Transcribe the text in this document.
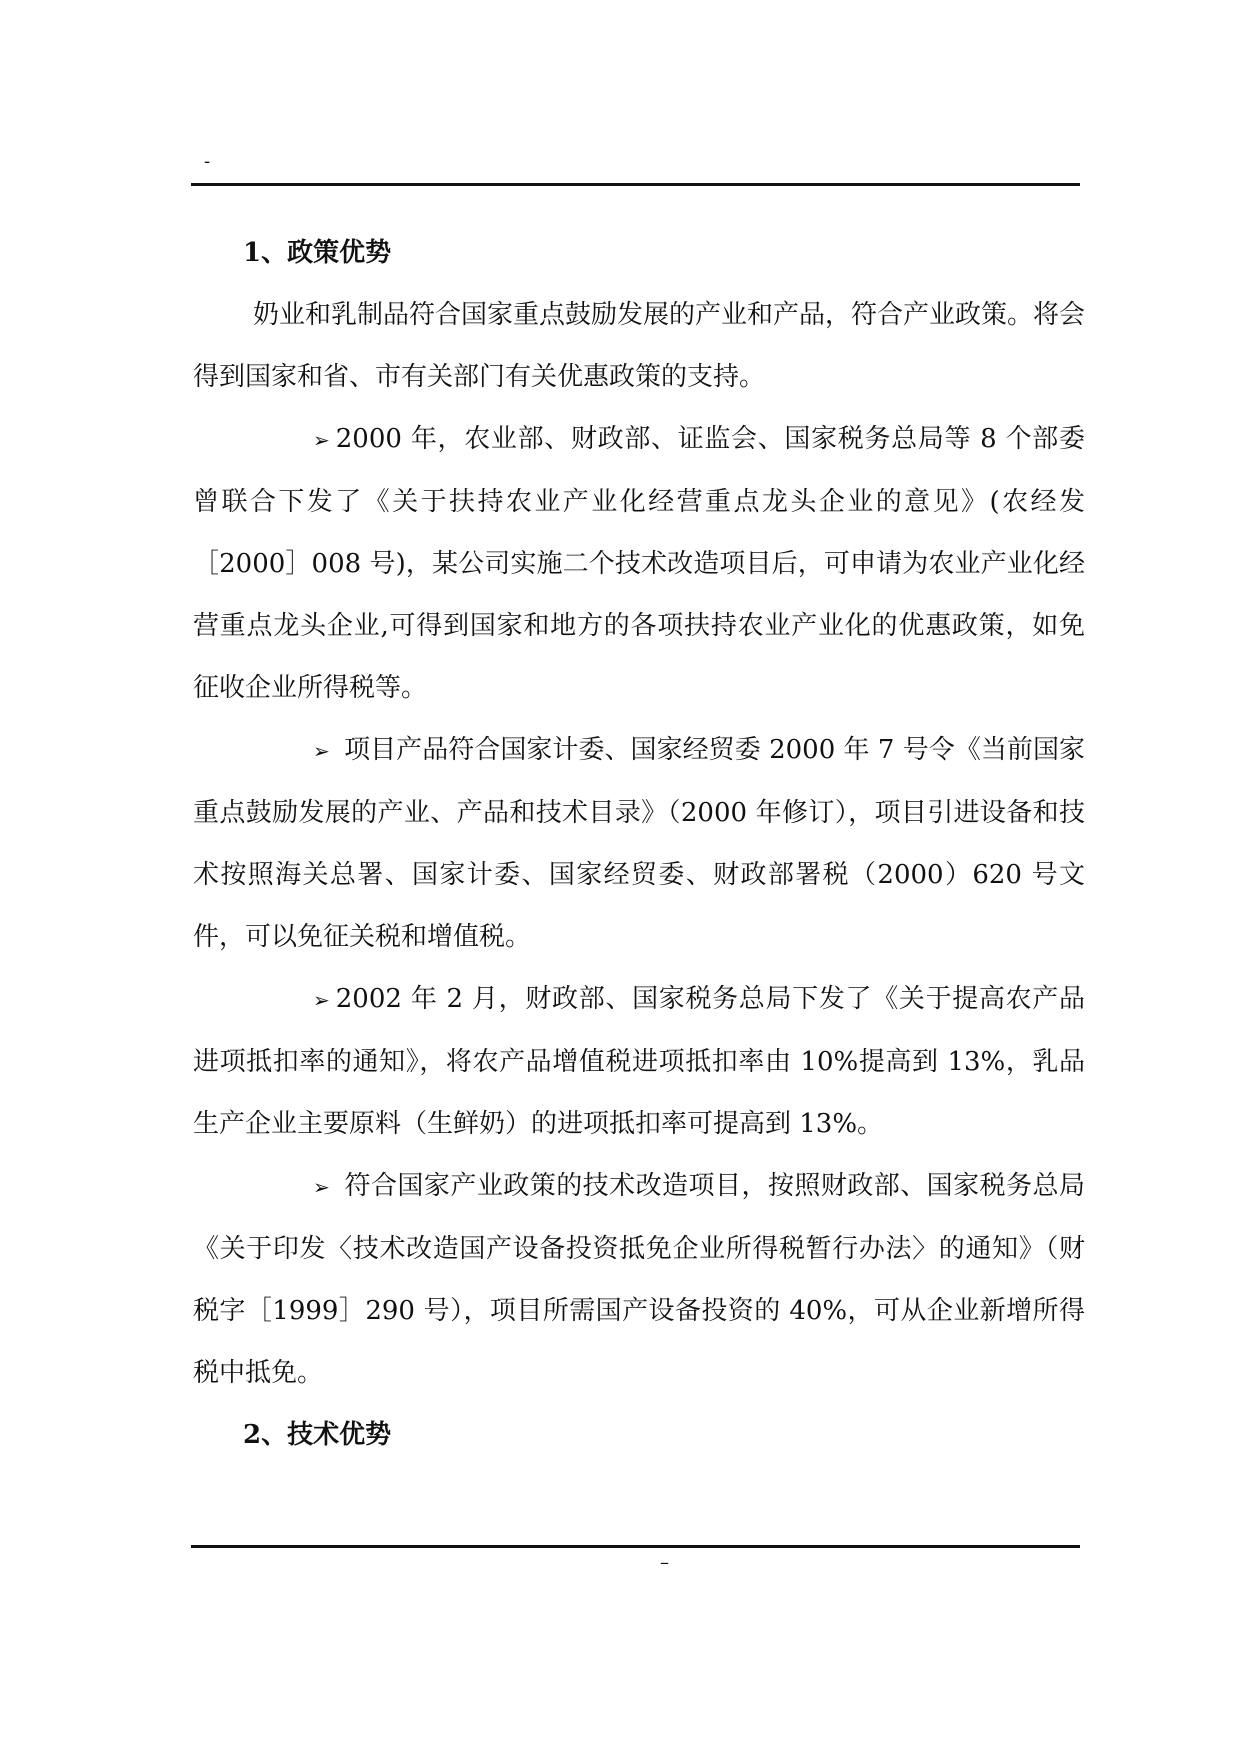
-

1、政策优势

奶业和乳制品符合国家重点鼓励发展的产业和产品，符合产业政策。将会得到国家和省、市有关部门有关优惠政策的支持。

➢ 2000 年，农业部、财政部、证监会、国家税务总局等 8 个部委曾联合下发了《关于扶持农业产业化经营重点龙头企业的意见》(农经发［2000］008 号)，某公司实施二个技术改造项目后，可申请为农业产业化经营重点龙头企业,可得到国家和地方的各项扶持农业产业化的优惠政策，如免征收企业所得税等。

➢ 项目产品符合国家计委、国家经贸委 2000 年 7 号令《当前国家重点鼓励发展的产业、产品和技术目录》（2000 年修订），项目引进设备和技术按照海关总署、国家计委、国家经贸委、财政部署税（2000）620 号文件，可以免征关税和增值税。

➢ 2002 年 2 月，财政部、国家税务总局下发了《关于提高农产品进项抵扣率的通知》，将农产品增值税进项抵扣率由 10%提高到 13%，乳品生产企业主要原料（生鲜奶）的进项抵扣率可提高到 13%。

➢ 符合国家产业政策的技术改造项目，按照财政部、国家税务总局《关于印发〈技术改造国产设备投资抵免企业所得税暂行办法〉的通知》（财税字［1999］290 号），项目所需国产设备投资的 40%，可从企业新增所得税中抵免。

2、技术优势

–
